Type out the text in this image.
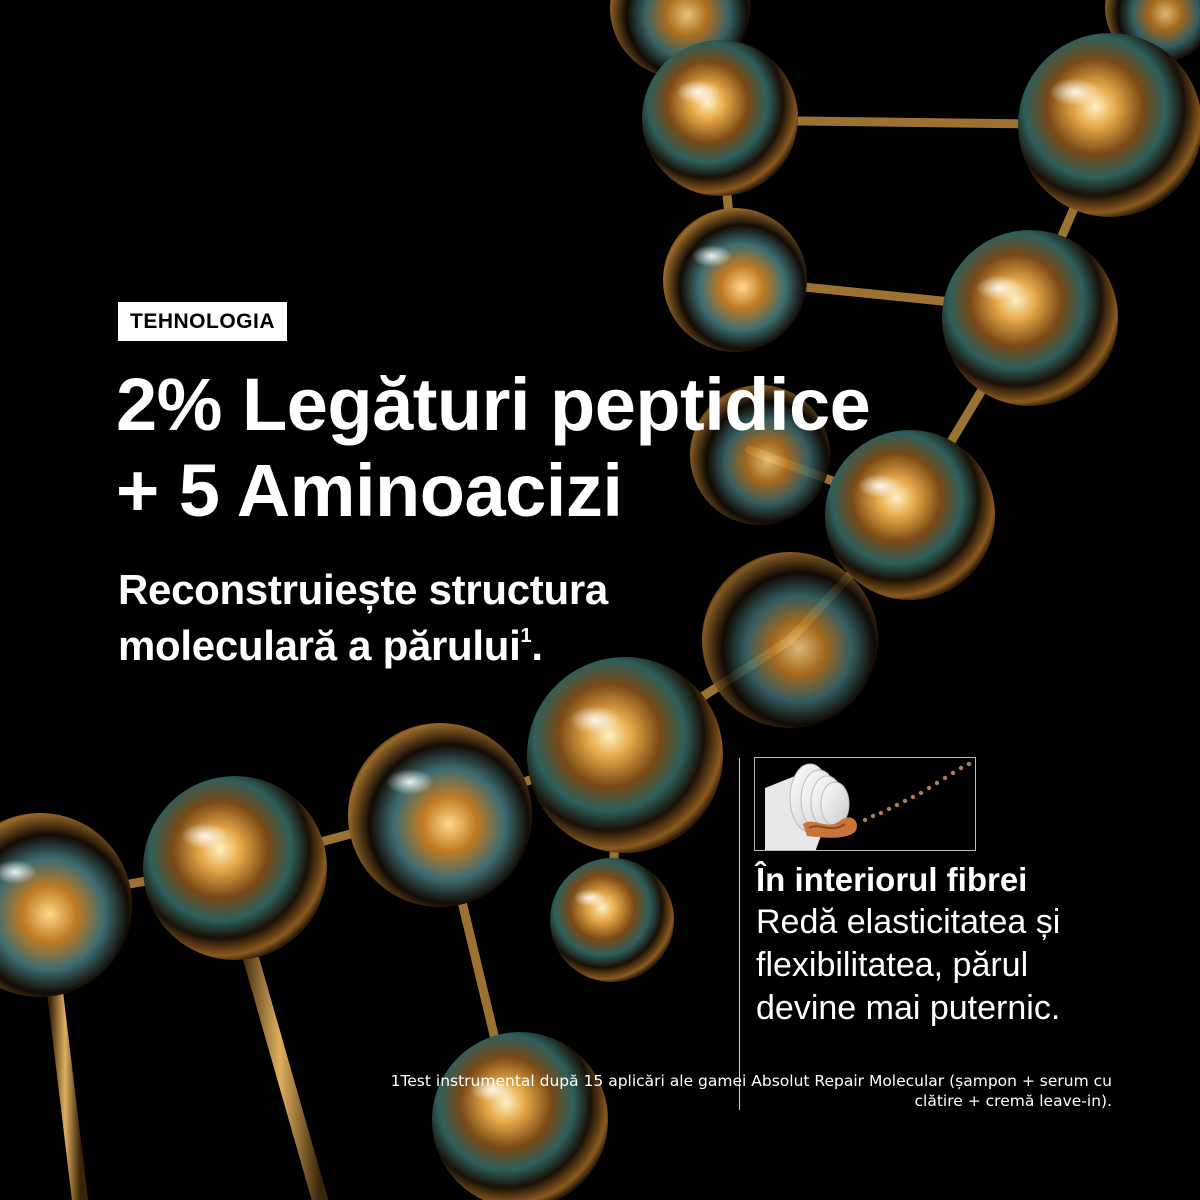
TEHNOLOGIA
2% Legături peptidice
+ 5 Aminoacizi
Reconstruiește structura
moleculară a părului$^1$.
În interiorul fibrei
Redă elasticitatea și
flexibilitatea, părul
devine mai puternic.
1Test instrumental după 15 aplicări ale gamei Absolut Repair Molecular (șampon + serum cu
clătire + cremă leave-in).
